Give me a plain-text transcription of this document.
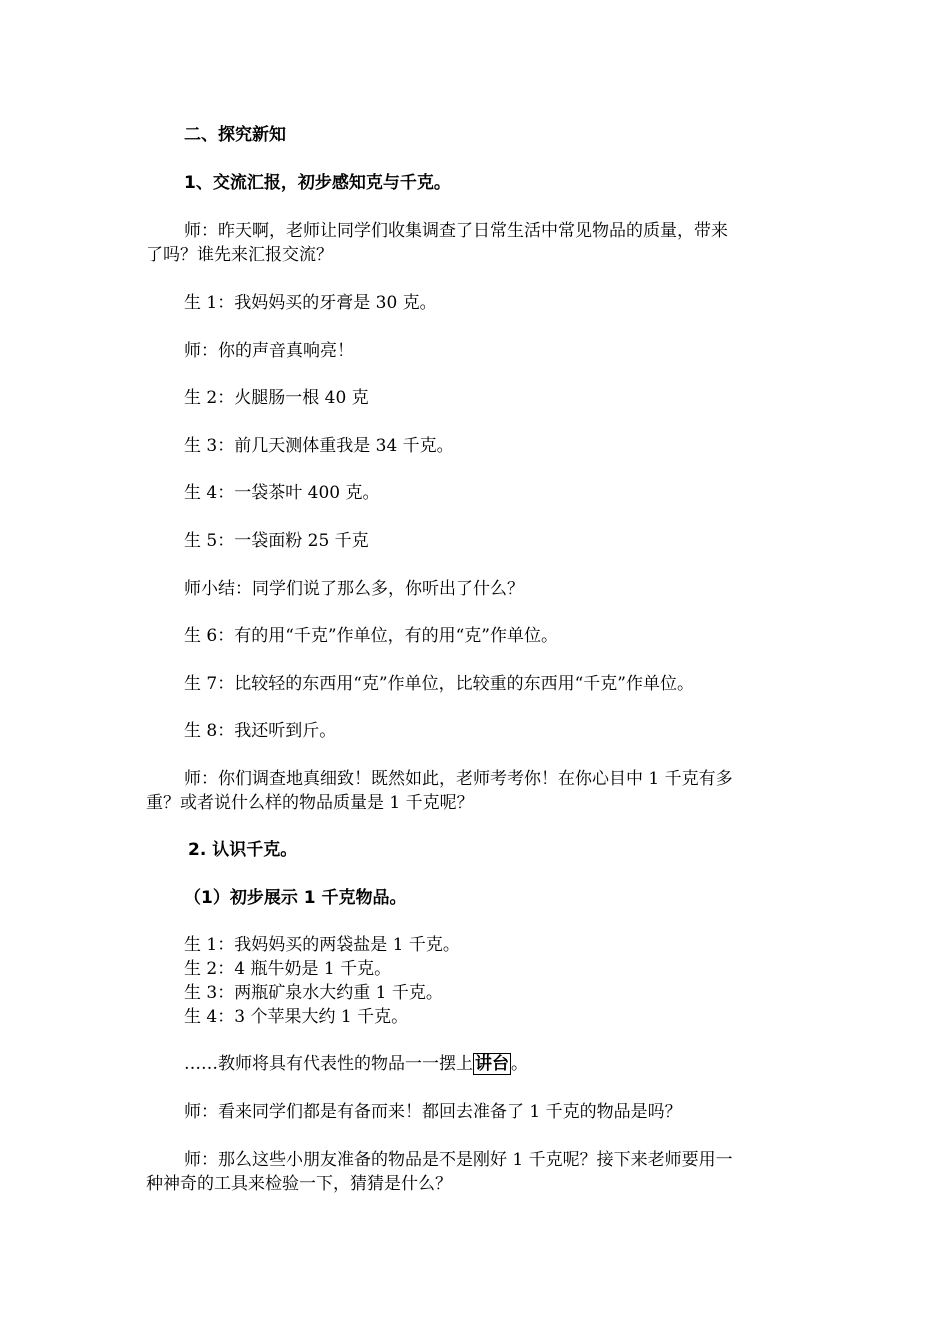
二、探究新知
1、交流汇报，初步感知克与千克。
师：昨天啊，老师让同学们收集调查了日常生活中常见物品的质量，带来
了吗？谁先来汇报交流？
生 1：我妈妈买的牙膏是 30 克。
师：你的声音真响亮！
生 2：火腿肠一根 40 克
生 3：前几天测体重我是 34 千克。
生 4：一袋茶叶 400 克。
生 5：一袋面粉 25 千克
师小结：同学们说了那么多，你听出了什么？
生 6：有的用“千克”作单位，有的用“克”作单位。
生 7：比较轻的东西用“克”作单位，比较重的东西用“千克”作单位。
生 8：我还听到斤。
师：你们调查地真细致！既然如此，老师考考你！在你心目中 1 千克有多
重？或者说什么样的物品质量是 1 千克呢？
2. 认识千克。
（1）初步展示 1 千克物品。
生 1：我妈妈买的两袋盐是 1 千克。
生 2：4 瓶牛奶是 1 千克。
生 3：两瓶矿泉水大约重 1 千克。
生 4：3 个苹果大约 1 千克。
……教师将具有代表性的物品一一摆上 讲台 。
师：看来同学们都是有备而来！都回去准备了 1 千克的物品是吗？
师：那么这些小朋友准备的物品是不是刚好 1 千克呢？接下来老师要用一
种神奇的工具来检验一下，猜猜是什么？
